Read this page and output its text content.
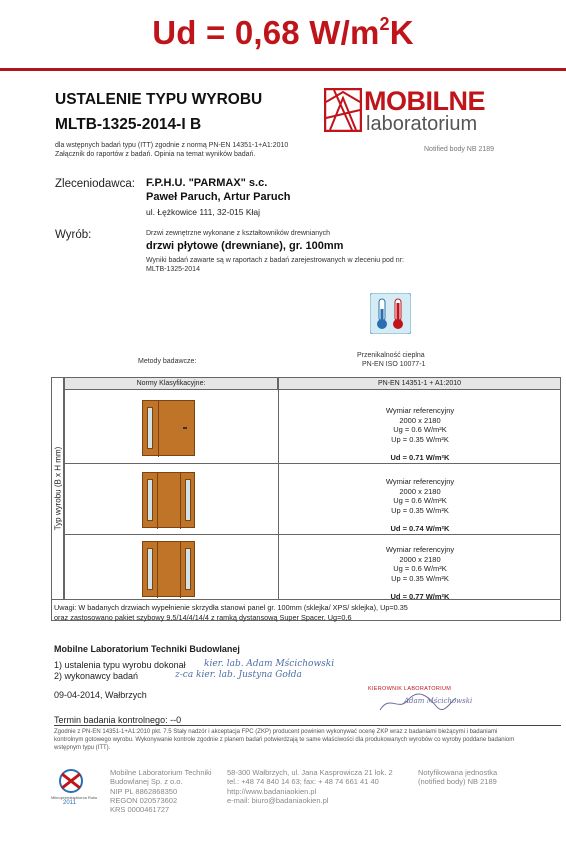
Ud = 0,68 $W/m^2K$
USTALENIE TYPU WYROBU
MLTB-1325-2014-I B
dla wstępnych badań typu (ITT) zgodnie z normą PN-EN 14351-1+A1:2010
Załącznik do raportów z badań. Opinia na temat wyników badań.
MOBILNE
laboratorium
Notified body NB 2189
Zleceniodawca: F.P.H.U. "PARMAX" s.c.
Paweł Paruch, Artur Paruch
ul. Łężkowice 111, 32-015 Kłaj
Wyrób:	Drzwi zewnętrzne wykonane z kształtowników drewnianych
drzwi płytowe (drewniane), gr. 100mm
Wyniki badań zawarte są w raportach z badań zarejestrowanych w zleceniu pod nr:
MLTB-1325-2014
Metody badawcze:
Przenikalność cieplna
PN-EN ISO 10077-1
Normy Klasyfikacyjne:	PN-EN 14351-1 + A1:2010
Typ wyrobu (B x H mm)
Wymiar referencyjny
2000 x 2180
Ug = 0.6 W/m²K
Up = 0.35 W/m²K
Ud = 0.71 W/m²K
Wymiar referencyjny
2000 x 2180
Ug = 0.6 W/m²K
Up = 0.35 W/m²K
Ud = 0.74 W/m²K
Wymiar referencyjny
2000 x 2180
Ug = 0.6 W/m²K
Up = 0.35 W/m²K
Ud = 0.77 W/m²K
Uwagi: W badanych drzwiach wypełnienie skrzydła stanowi panel gr. 100mm (sklejka/ XPS/ sklejka), Up=0.35
oraz zastosowano pakiet szybowy 9,5/14/4/14/4 z ramką dystansową Super Spacer, Ug=0,6
Mobilne Laboratorium Techniki Budowlanej
1) ustalenia typu wyrobu dokonał kier. lab. Adam Mścichowski
2) wykonawcy badań	z-ca kier. lab. Justyna Gołda
09-04-2014, Wałbrzych
KIEROWNIK LABORATORIUM
Adam Mścichowski
Termin badania kontrolnego: --0
Zgodnie z PN-EN 14351-1+A1:2010 pkt. 7.5 Stały nadzór i akceptacja FPC (ZKP) producent powinien wykonywać ocenę ZKP wraz z badaniami bieżącymi i badaniami
kontrolnym gotowego wyrobu. Wykonywanie kontrole zgodnie z planem badań potwierdzają te same właściwości dla produkowanych wyrobów co wyroby poddane badaniom
wstępnym typu (ITT).
Mikroprzedsiębiorca Roku
2011
Mobilne Laboratorium Techniki
Budowlanej Sp. z o.o.
NIP PL 8862868350
REGON 020573602
KRS 0000461727
58-300 Wałbrzych, ul. Jana Kasprowicza 21 lok. 2
tel.: +48 74 840 14 63; fax: + 48 74 661 41 40
http://www.badaniaokien.pl
e-mail: biuro@badaniaokien.pl
Notyfikowana jednostka
(notified body) NB 2189
